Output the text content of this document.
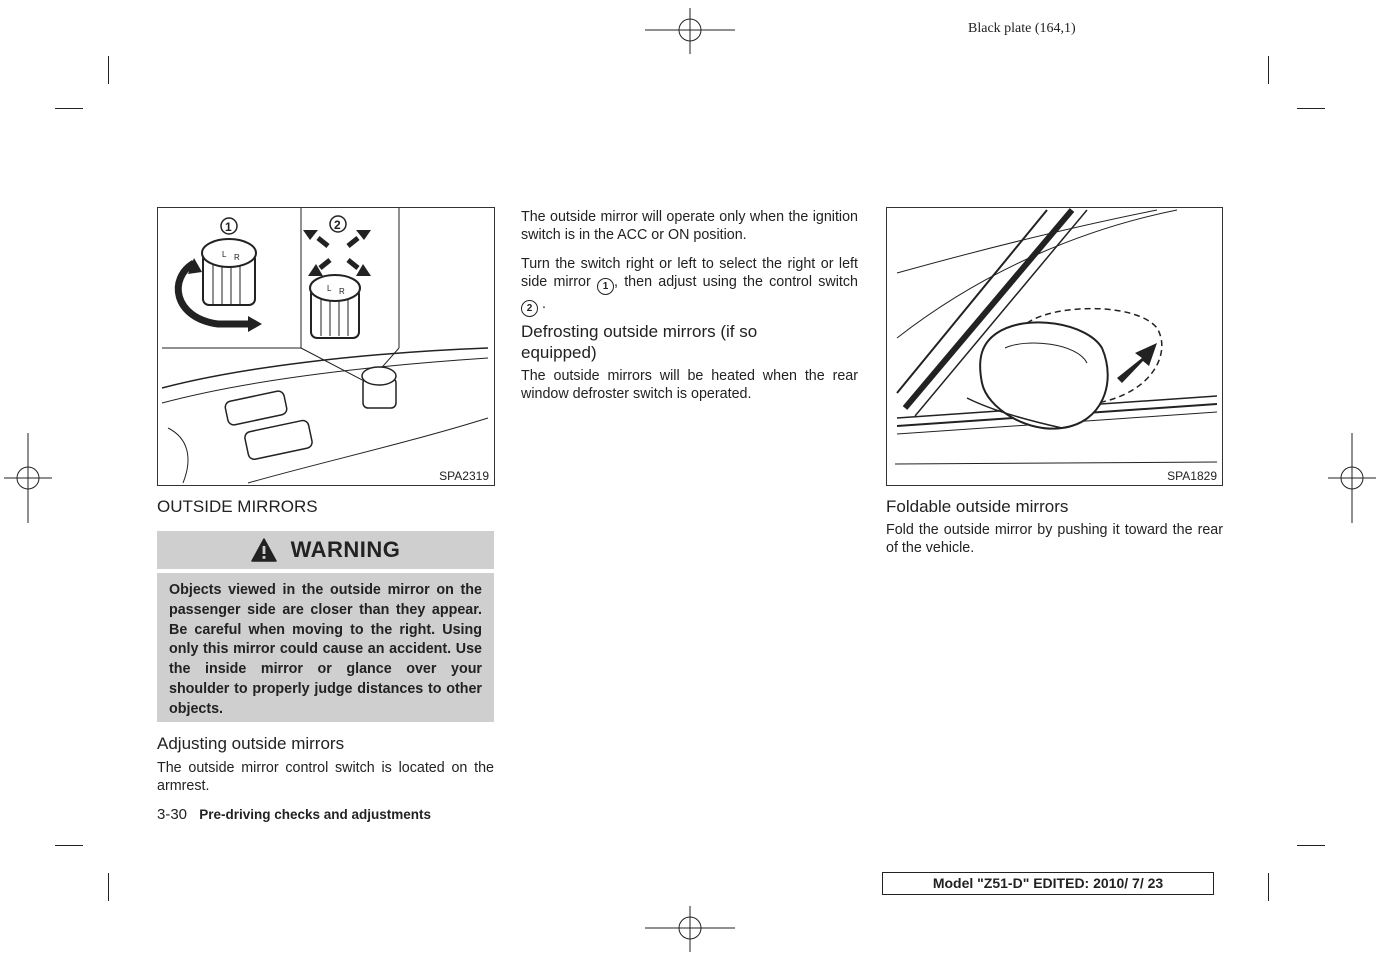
Black plate (164,1)
L R
1
L R
2
SPA2319
OUTSIDE MIRRORS
WARNING
Objects viewed in the outside mirror on the passenger side are closer than they appear. Be careful when moving to the right. Using only this mirror could cause an accident. Use the inside mirror or glance over your shoulder to properly judge distances to other objects.
Adjusting outside mirrors
The outside mirror control switch is located on the armrest.
3-30 Pre-driving checks and adjustments
The outside mirror will operate only when the ignition switch is in the ACC or ON position.
Turn the switch right or left to select the right or left side mirror 1 , then adjust using the control switch 2 .
Defrosting outside mirrors (if so equipped)
The outside mirrors will be heated when the rear window defroster switch is operated.
SPA1829
Foldable outside mirrors
Fold the outside mirror by pushing it toward the rear of the vehicle.
Model "Z51-D" EDITED: 2010/ 7/ 23
